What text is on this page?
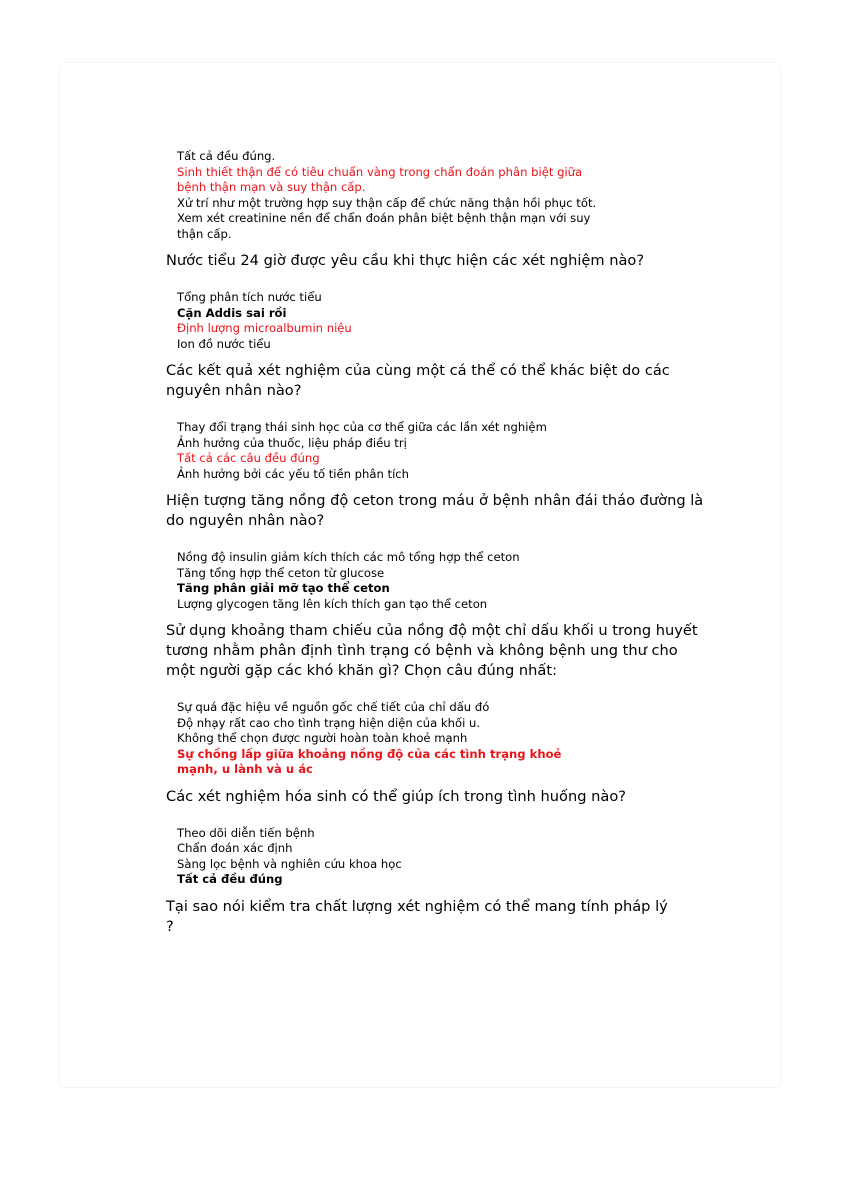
Tất cả đều đúng.
Sinh thiết thận để có tiêu chuẩn vàng trong chẩn đoán phân biệt giữa
bệnh thận mạn và suy thận cấp.
Xử trí như một trường hợp suy thận cấp để chức năng thận hồi phục tốt.
Xem xét creatinine nền để chẩn đoán phân biệt bệnh thận mạn với suy
thận cấp.
Nước tiểu 24 giờ được yêu cầu khi thực hiện các xét nghiệm nào?
Tổng phân tích nước tiểu
Cặn Addis sai rồi
Định lượng microalbumin niệu
Ion đồ nước tiểu
Các kết quả xét nghiệm của cùng một cá thể có thể khác biệt do các nguyên nhân nào?
Thay đổi trạng thái sinh học của cơ thể giữa các lần xét nghiệm
Ảnh hưởng của thuốc, liệu pháp điều trị
Tất cả các câu đều đúng
Ảnh hưởng bởi các yếu tố tiền phân tích
Hiện tượng tăng nồng độ ceton trong máu ở bệnh nhân đái tháo đường là do nguyên nhân nào?
Nồng độ insulin giảm kích thích các mô tổng hợp thể ceton
Tăng tổng hợp thể ceton từ glucose
Tăng phân giải mỡ tạo thể ceton
Lượng glycogen tăng lên kích thích gan tạo thể ceton
Sử dụng khoảng tham chiếu của nồng độ một chỉ dấu khối u trong huyết tương nhằm phân định tình trạng có bệnh và không bệnh ung thư cho một người gặp các khó khăn gì? Chọn câu đúng nhất:
Sự quá đặc hiệu về nguồn gốc chế tiết của chỉ dấu đó
Độ nhạy rất cao cho tình trạng hiện diện của khối u.
Không thể chọn được người hoàn toàn khoẻ mạnh
Sự chồng lấp giữa khoảng nồng độ của các tình trạng khoẻ
mạnh, u lành và u ác
Các xét nghiệm hóa sinh có thể giúp ích trong tình huống nào?
Theo dõi diễn tiến bệnh
Chẩn đoán xác định
Sàng lọc bệnh và nghiên cứu khoa học
Tất cả đều đúng
Tại sao nói kiểm tra chất lượng xét nghiệm có thể mang tính pháp lý
?
